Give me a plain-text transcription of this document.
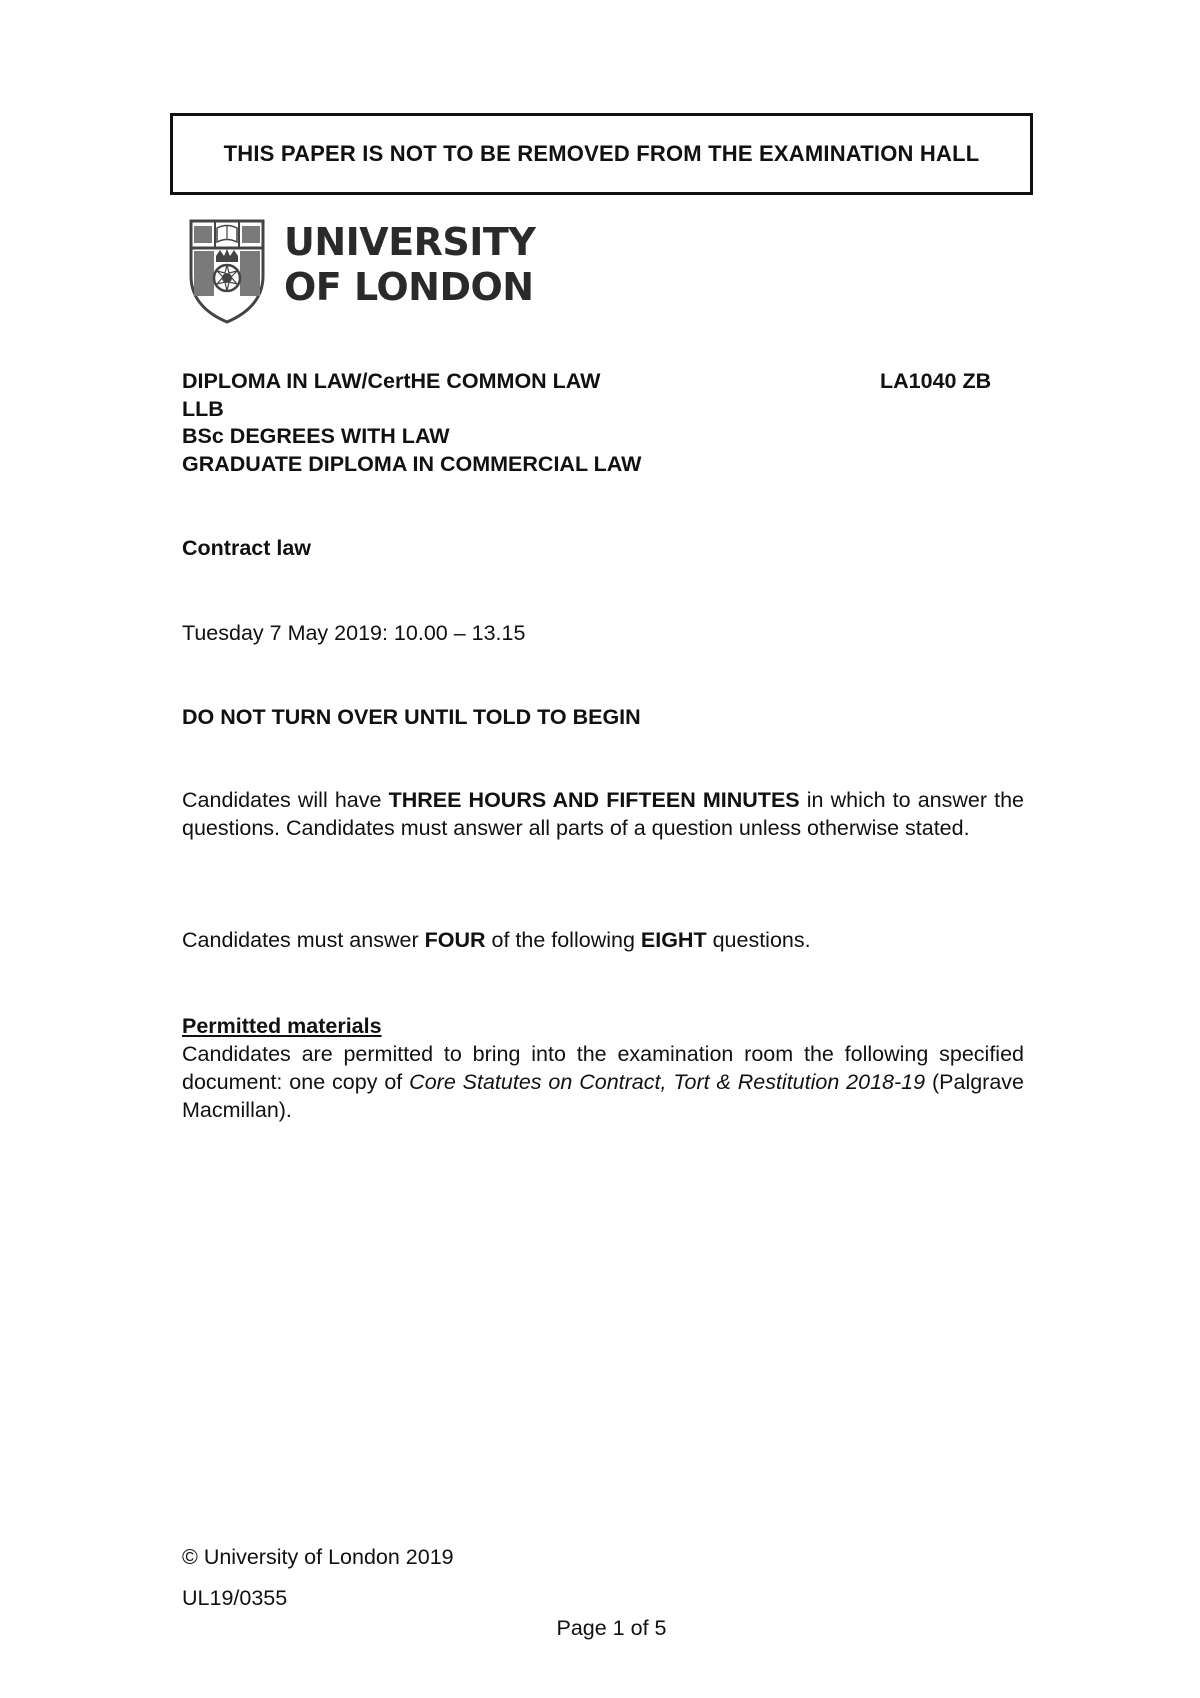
THIS PAPER IS NOT TO BE REMOVED FROM THE EXAMINATION HALL
UNIVERSITY
OF LONDON
DIPLOMA IN LAW/CertHE COMMON LAW
LLB
BSc DEGREES WITH LAW
GRADUATE DIPLOMA IN COMMERCIAL LAW
LA1040 ZB
Contract law
Tuesday 7 May 2019: 10.00 – 13.15
DO NOT TURN OVER UNTIL TOLD TO BEGIN
Candidates will have THREE HOURS AND FIFTEEN MINUTES in which to answer the questions. Candidates must answer all parts of a question unless otherwise stated.
Candidates must answer FOUR of the following EIGHT questions.
Permitted materials
Candidates are permitted to bring into the examination room the following specified document: one copy of Core Statutes on Contract, Tort & Restitution 2018-19 (Palgrave Macmillan).
© University of London 2019
UL19/0355
Page 1 of 5
